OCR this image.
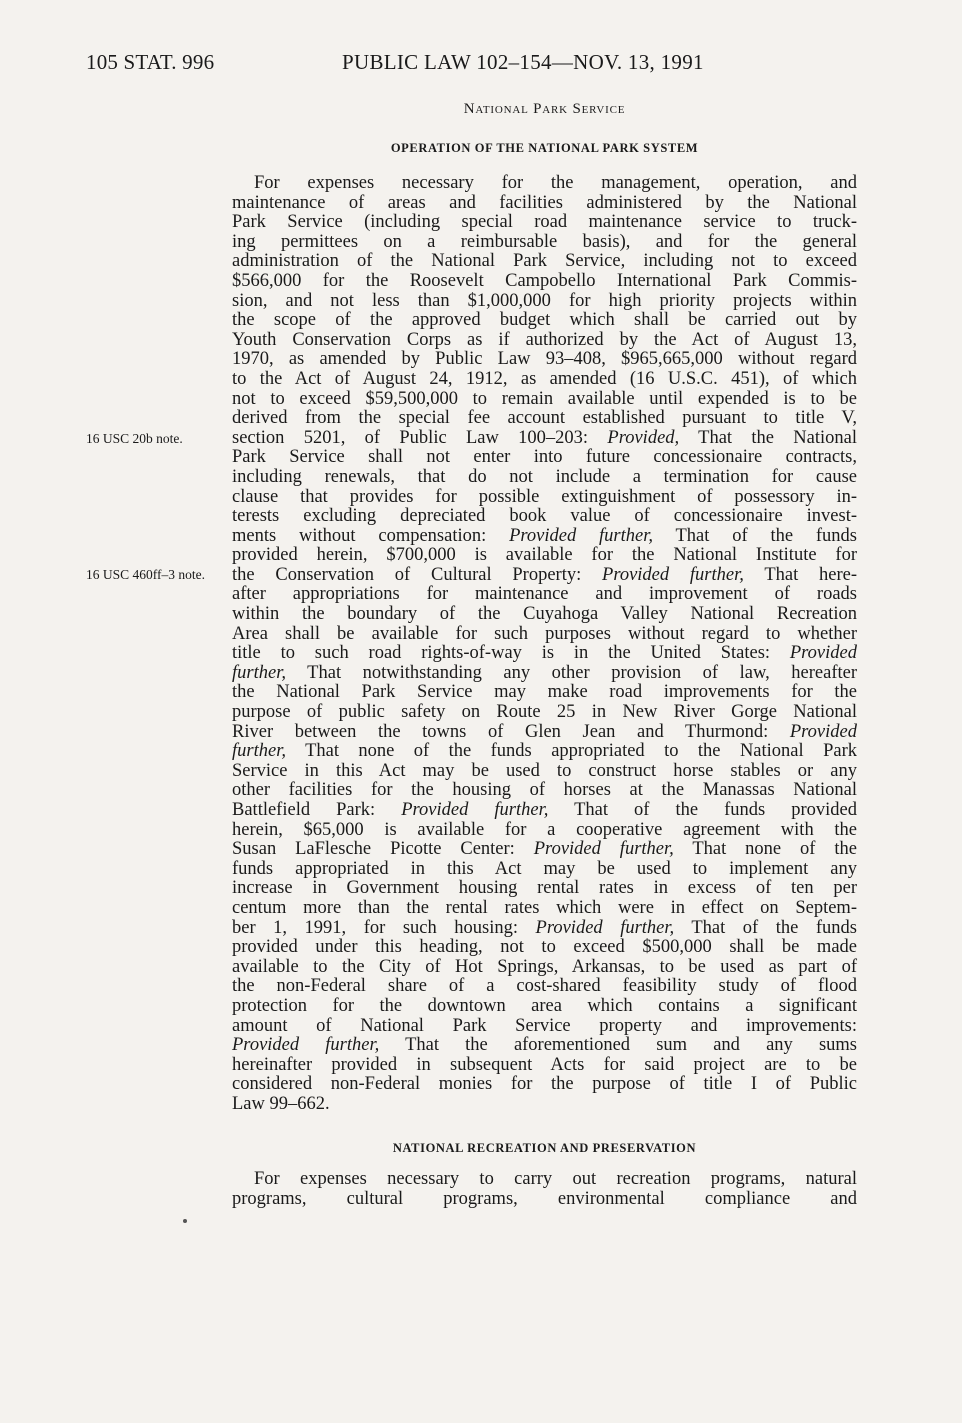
105 STAT. 996	PUBLIC LAW 102–154—NOV. 13, 1991
National Park Service
OPERATION OF THE NATIONAL PARK SYSTEM
16 USC 20b note.
16 USC 460ff–3 note.
For expenses necessary for the management, operation, and
maintenance of areas and facilities administered by the National
Park Service (including special road maintenance service to truck-
ing permittees on a reimbursable basis), and for the general
administration of the National Park Service, including not to exceed
$566,000 for the Roosevelt Campobello International Park Commis-
sion, and not less than $1,000,000 for high priority projects within
the scope of the approved budget which shall be carried out by
Youth Conservation Corps as if authorized by the Act of August 13,
1970, as amended by Public Law 93–408, $965,665,000 without regard
to the Act of August 24, 1912, as amended (16 U.S.C. 451), of which
not to exceed $59,500,000 to remain available until expended is to be
derived from the special fee account established pursuant to title V,
section 5201, of Public Law 100–203: Provided, That the National
Park Service shall not enter into future concessionaire contracts,
including renewals, that do not include a termination for cause
clause that provides for possible extinguishment of possessory in-
terests excluding depreciated book value of concessionaire invest-
ments without compensation: Provided further, That of the funds
provided herein, $700,000 is available for the National Institute for
the Conservation of Cultural Property: Provided further, That here-
after appropriations for maintenance and improvement of roads
within the boundary of the Cuyahoga Valley National Recreation
Area shall be available for such purposes without regard to whether
title to such road rights-of-way is in the United States: Provided
further, That notwithstanding any other provision of law, hereafter
the National Park Service may make road improvements for the
purpose of public safety on Route 25 in New River Gorge National
River between the towns of Glen Jean and Thurmond: Provided
further, That none of the funds appropriated to the National Park
Service in this Act may be used to construct horse stables or any
other facilities for the housing of horses at the Manassas National
Battlefield Park: Provided further, That of the funds provided
herein, $65,000 is available for a cooperative agreement with the
Susan LaFlesche Picotte Center: Provided further, That none of the
funds appropriated in this Act may be used to implement any
increase in Government housing rental rates in excess of ten per
centum more than the rental rates which were in effect on Septem-
ber 1, 1991, for such housing: Provided further, That of the funds
provided under this heading, not to exceed $500,000 shall be made
available to the City of Hot Springs, Arkansas, to be used as part of
the non-Federal share of a cost-shared feasibility study of flood
protection for the downtown area which contains a significant
amount of National Park Service property and improvements:
Provided further, That the aforementioned sum and any sums
hereinafter provided in subsequent Acts for said project are to be
considered non-Federal monies for the purpose of title I of Public
Law 99–662.
NATIONAL RECREATION AND PRESERVATION
For expenses necessary to carry out recreation programs, natural
programs, cultural programs, environmental compliance and
